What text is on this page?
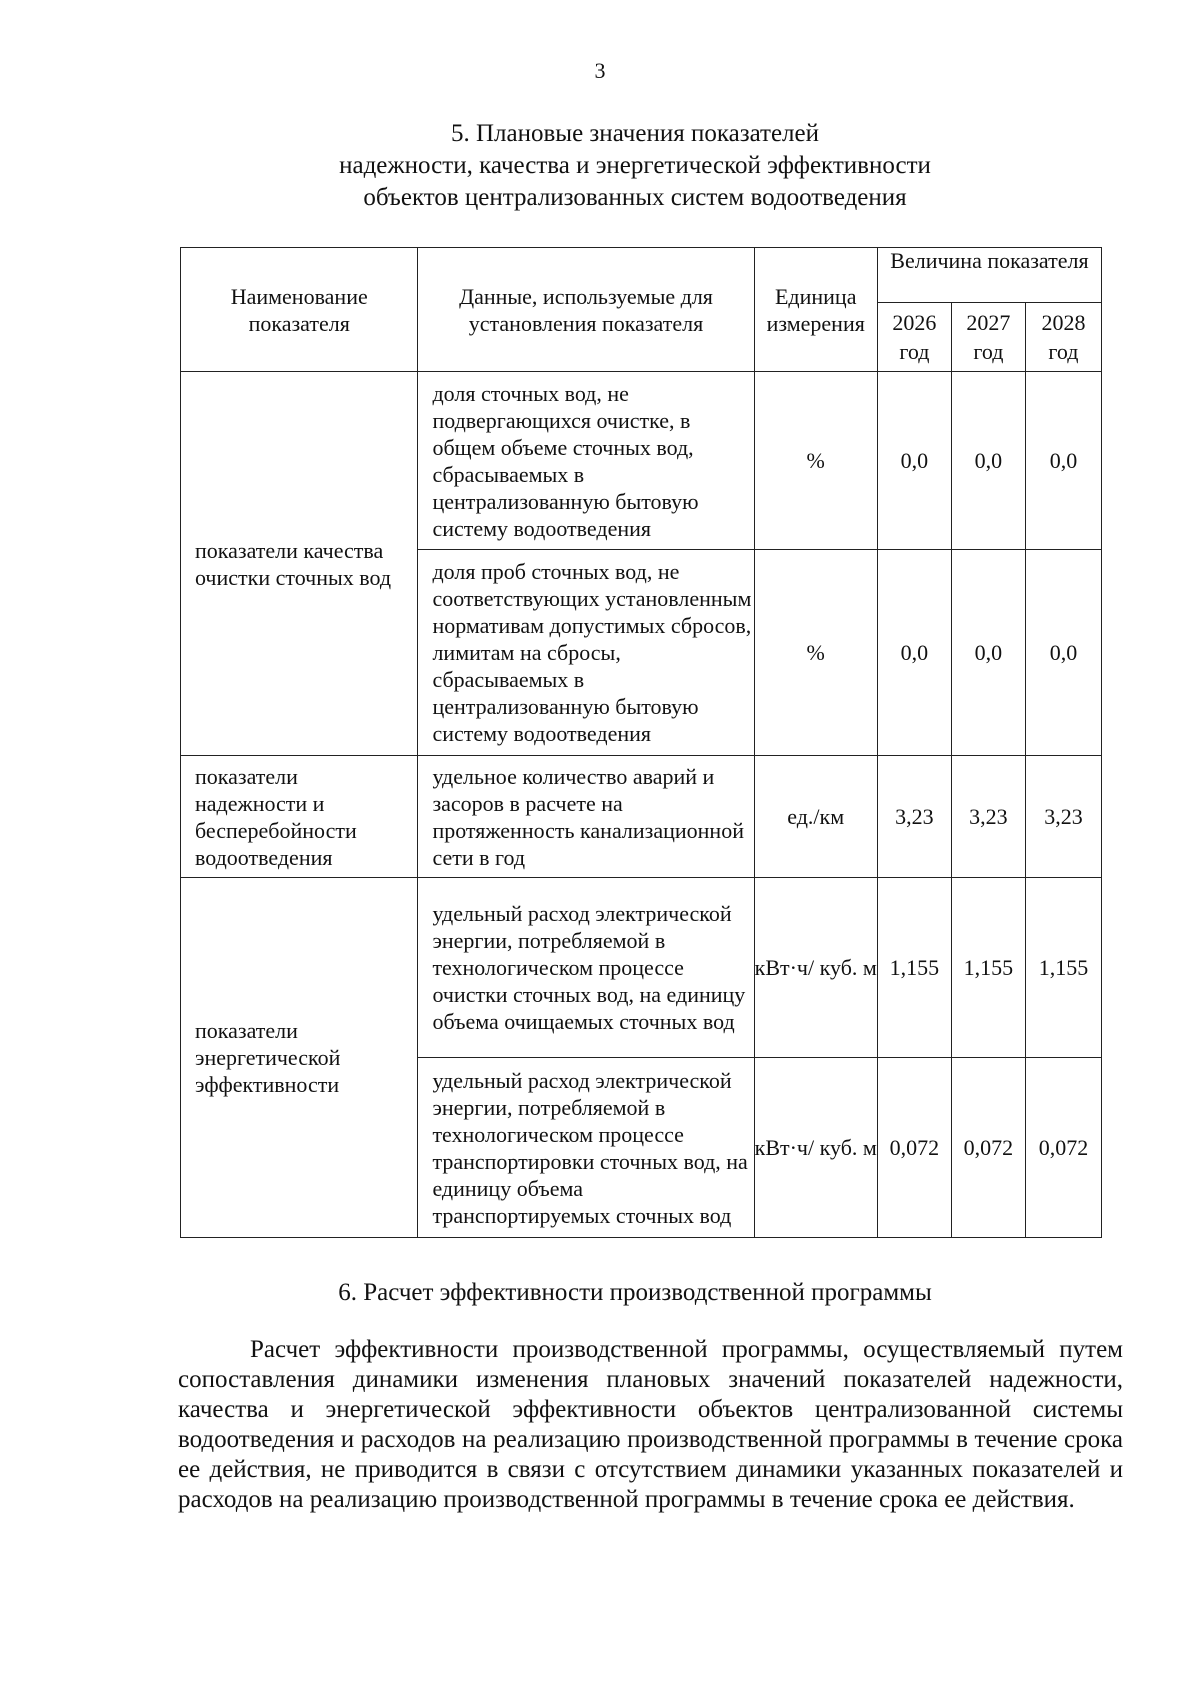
3
5. Плановые значения показателей
надежности, качества и энергетической эффективности
объектов централизованных систем водоотведения
Наименование показателя	Данные, используемые для установления показателя	Единица измерения	Величина показателя		
			2026 год	2027 год	2028 год
показатели качества очистки сточных вод	доля сточных вод, не подвергающихся очистке, в общем объеме сточных вод, сбрасываемых в централизованную бытовую систему водоотведения	%	0,0	0,0	0,0
	доля проб сточных вод, не соответствующих установленным нормативам допустимых сбросов, лимитам на сбросы, сбрасываемых в централизованную бытовую систему водоотведения	%	0,0	0,0	0,0
показатели надежности и бесперебойности водоотведения	удельное количество аварий и засоров в расчете на протяженность канализационной сети в год	ед./км	3,23	3,23	3,23
показатели энергетической эффективности	удельный расход электрической энергии, потребляемой в технологическом процессе очистки сточных вод, на единицу объема очищаемых сточных вод	кВт·ч/ куб. м	1,155	1,155	1,155
	удельный расход электрической энергии, потребляемой в технологическом процессе транспортировки сточных вод, на единицу объема транспортируемых сточных вод	кВт·ч/ куб. м	0,072	0,072	0,072
6. Расчет эффективности производственной программы

Расчет эффективности производственной программы, осуществляемый путем сопоставления динамики изменения плановых значений показателей надежности, качества и энергетической эффективности объектов централизованной системы водоотведения и расходов на реализацию производственной программы в течение срока ее действия, не приводится в связи с отсутствием динамики указанных показателей и расходов на реализацию производственной программы в течение срока ее действия.
